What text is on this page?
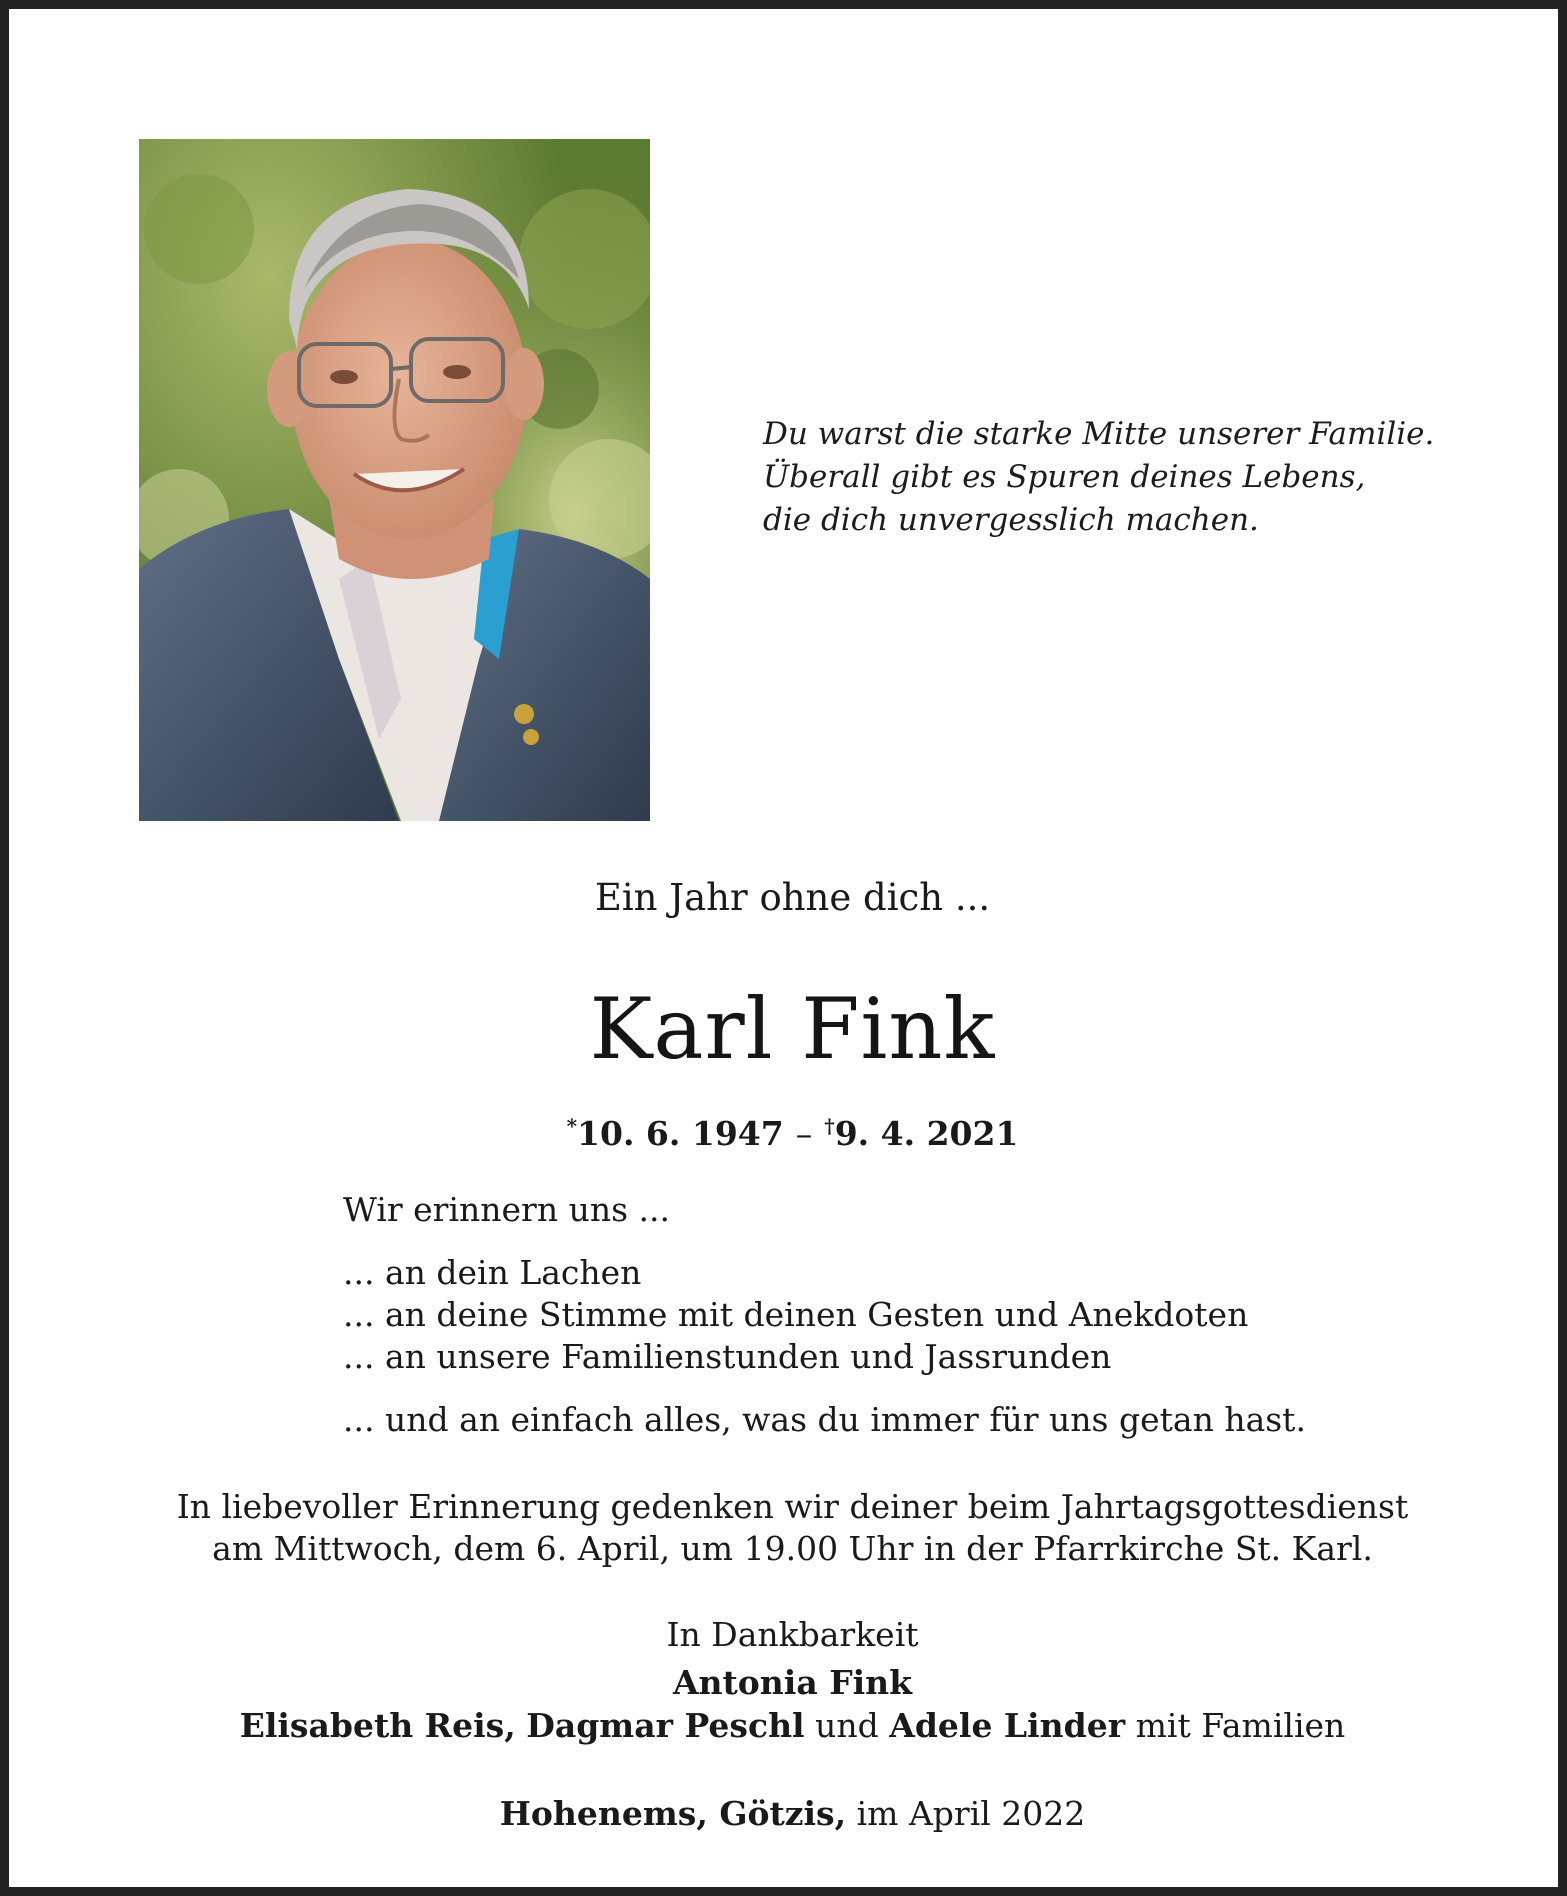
Du warst die starke Mitte unserer Familie.
Überall gibt es Spuren deines Lebens,
die dich unvergesslich machen.
Ein Jahr ohne dich ...
Karl Fink
*10. 6. 1947 – †9. 4. 2021
Wir erinnern uns ...
... an dein Lachen
... an deine Stimme mit deinen Gesten und Anekdoten
... an unsere Familienstunden und Jassrunden
... und an einfach alles, was du immer für uns getan hast.
In liebevoller Erinnerung gedenken wir deiner beim Jahrtagsgottesdienst
am Mittwoch, dem 6. April, um 19.00 Uhr in der Pfarrkirche St. Karl.
In Dankbarkeit
Antonia Fink
Elisabeth Reis, Dagmar Peschl und Adele Linder mit Familien
Hohenems, Götzis, im April 2022
